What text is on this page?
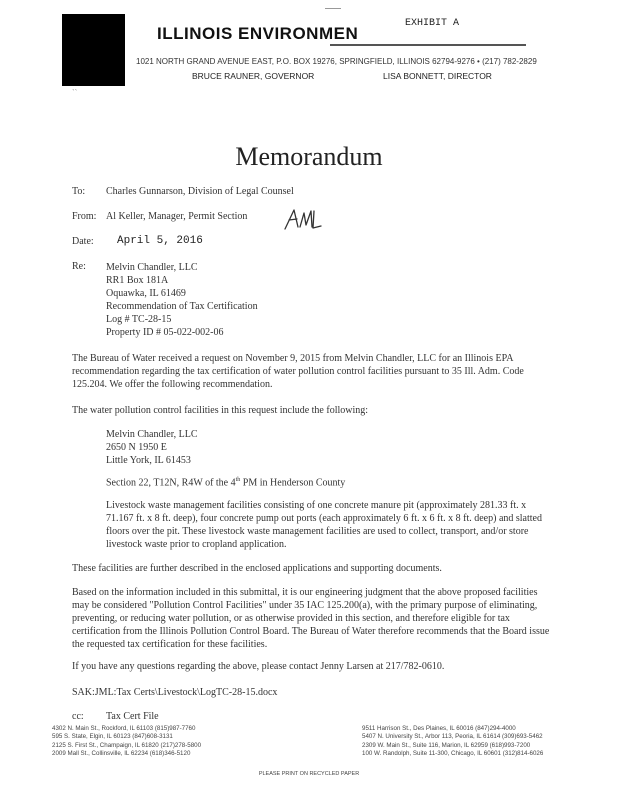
EXHIBIT A
ILLINOIS ENVIRONMEN
1021 NORTH GRAND AVENUE EAST, P.O. BOX 19276, SPRINGFIELD, ILLINOIS 62794-9276 • (217) 782-2829
BRUCE RAUNER, GOVERNOR	LISA BONNETT, DIRECTOR
``
Memorandum
To: Charles Gunnarson, Division of Legal Counsel
From: Al Keller, Manager, Permit Section
Date: April 5, 2016
Re: Melvin Chandler, LLC
RR1 Box 181A
Oquawka, IL 61469
Recommendation of Tax Certification
Log # TC-28-15
Property ID # 05-022-002-06
The Bureau of Water received a request on November 9, 2015 from Melvin Chandler, LLC for an Illinois EPA recommendation regarding the tax certification of water pollution control facilities pursuant to 35 Ill. Adm. Code 125.204. We offer the following recommendation.
The water pollution control facilities in this request include the following:
Melvin Chandler, LLC
2650 N 1950 E
Little York, IL 61453
Section 22, T12N, R4W of the 4th PM in Henderson County
Livestock waste management facilities consisting of one concrete manure pit (approximately 281.33 ft. x 71.167 ft. x 8 ft. deep), four concrete pump out ports (each approximately 6 ft. x 6 ft. x 8 ft. deep) and slatted floors over the pit. These livestock waste management facilities are used to collect, transport, and/or store livestock waste prior to cropland application.
These facilities are further described in the enclosed applications and supporting documents.
Based on the information included in this submittal, it is our engineering judgment that the above proposed facilities may be considered "Pollution Control Facilities" under 35 IAC 125.200(a), with the primary purpose of eliminating, preventing, or reducing water pollution, or as otherwise provided in this section, and therefore eligible for tax certification from the Illinois Pollution Control Board. The Bureau of Water therefore recommends that the Board issue the requested tax certification for these facilities.
If you have any questions regarding the above, please contact Jenny Larsen at 217/782-0610.
SAK:JML:Tax Certs\Livestock\LogTC-28-15.docx
cc: Tax Cert File
4302 N. Main St., Rockford, IL 61103 (815)987-7760
595 S. State, Elgin, IL 60123 (847)608-3131
2125 S. First St., Champaign, IL 61820 (217)278-5800
2009 Mall St., Collinsville, IL 62234 (618)346-5120
9511 Harrison St., Des Plaines, IL 60016 (847)294-4000
5407 N. University St., Arbor 113, Peoria, IL 61614 (309)693-5462
2309 W. Main St., Suite 116, Marion, IL 62959 (618)993-7200
100 W. Randolph, Suite 11-300, Chicago, IL 60601 (312)814-6026
PLEASE PRINT ON RECYCLED PAPER
